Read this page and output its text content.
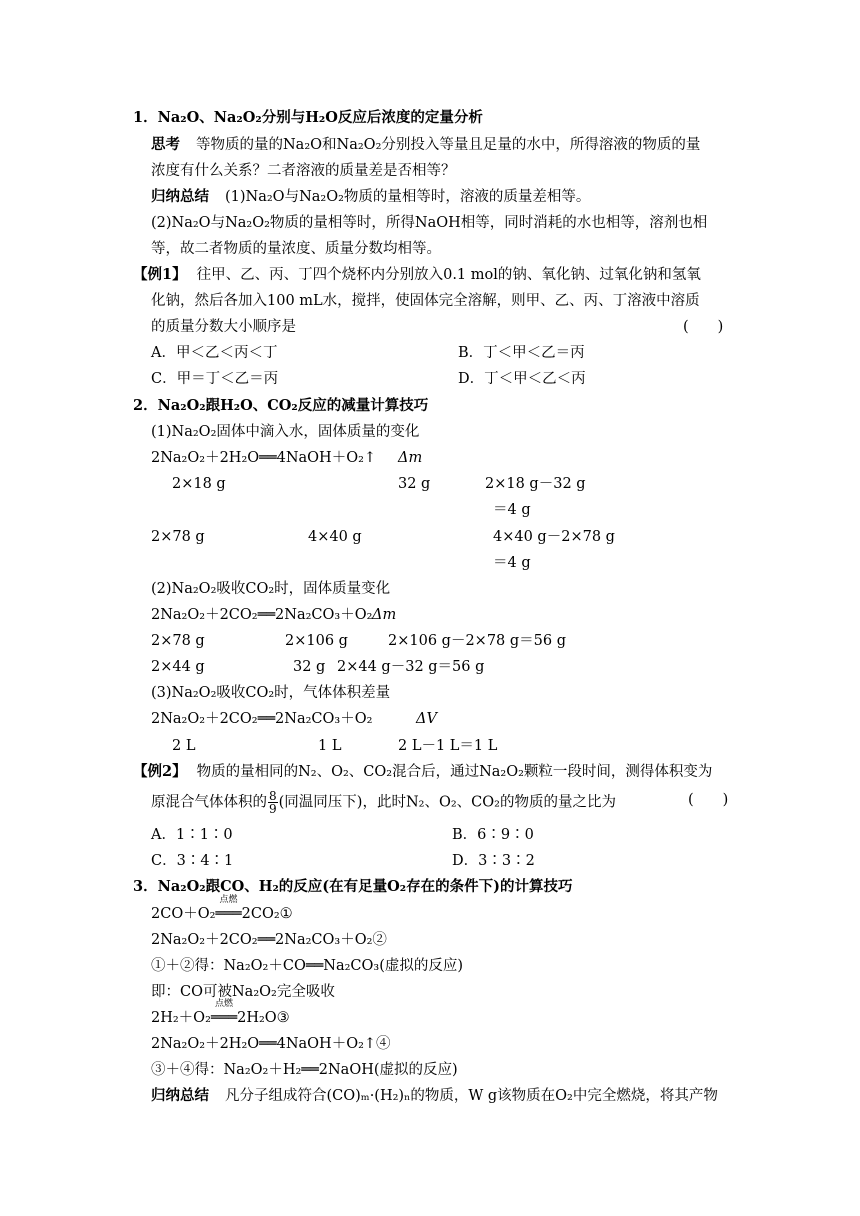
1．Na₂O、Na₂O₂分别与H₂O反应后浓度的定量分析
思考 等物质的量的Na₂O和Na₂O₂分别投入等量且足量的水中，所得溶液的物质的量
浓度有什么关系？二者溶液的质量差是否相等？
归纳总结 (1)Na₂O与Na₂O₂物质的量相等时，溶液的质量差相等。
(2)Na₂O与Na₂O₂物质的量相等时，所得NaOH相等，同时消耗的水也相等，溶剂也相
等，故二者物质的量浓度、质量分数均相等。
【例1】 往甲、乙、丙、丁四个烧杯内分别放入0.1 mol的钠、氧化钠、过氧化钠和氢氧
化钠，然后各加入100 mL水，搅拌，使固体完全溶解，则甲、乙、丙、丁溶液中溶质
的质量分数大小顺序是	(　　)
A．甲＜乙＜丙＜丁	B．丁＜甲＜乙＝丙
C．甲＝丁＜乙＝丙	D．丁＜甲＜乙＜丙
2．Na₂O₂跟H₂O、CO₂反应的减量计算技巧
(1)Na₂O₂固体中滴入水，固体质量的变化
2Na₂O₂＋2H₂O══4NaOH＋O₂↑ Δm
2×18 g	32 g	2×18 g－32 g
＝4 g
2×78 g	4×40 g	4×40 g－2×78 g
＝4 g
(2)Na₂O₂吸收CO₂时，固体质量变化
2Na₂O₂＋2CO₂══2Na₂CO₃＋O₂ Δm
2×78 g	2×106 g	2×106 g－2×78 g＝56 g
2×44 g	32 g 2×44 g－32 g＝56 g
(3)Na₂O₂吸收CO₂时，气体体积差量
2Na₂O₂＋2CO₂══2Na₂CO₃＋O₂	ΔV
2 L	1 L	2 L－1 L＝1 L
【例2】 物质的量相同的N₂、O₂、CO₂混合后，通过Na₂O₂颗粒一段时间，测得体积变为
原混合气体体积的 $\frac{8}{9}$ (同温同压下)，此时N₂、O₂、CO₂的物质的量之比为	(　　)
A．1∶1∶0	B．6∶9∶0
C．3∶4∶1	D．3∶3∶2
3．Na₂O₂跟CO、H₂的反应(在有足量O₂存在的条件下)的计算技巧
2CO＋O₂
点燃
═══2CO₂①
2Na₂O₂＋2CO₂══2Na₂CO₃＋O₂②
①＋②得：Na₂O₂＋CO══Na₂CO₃(虚拟的反应)
即：CO可被Na₂O₂完全吸收
2H₂＋O₂
点燃
═══2H₂O③
2Na₂O₂＋2H₂O══4NaOH＋O₂↑④
③＋④得：Na₂O₂＋H₂══2NaOH(虚拟的反应)
归纳总结 凡分子组成符合(CO)ₘ·(H₂)ₙ的物质，W g该物质在O₂中完全燃烧，将其产物
